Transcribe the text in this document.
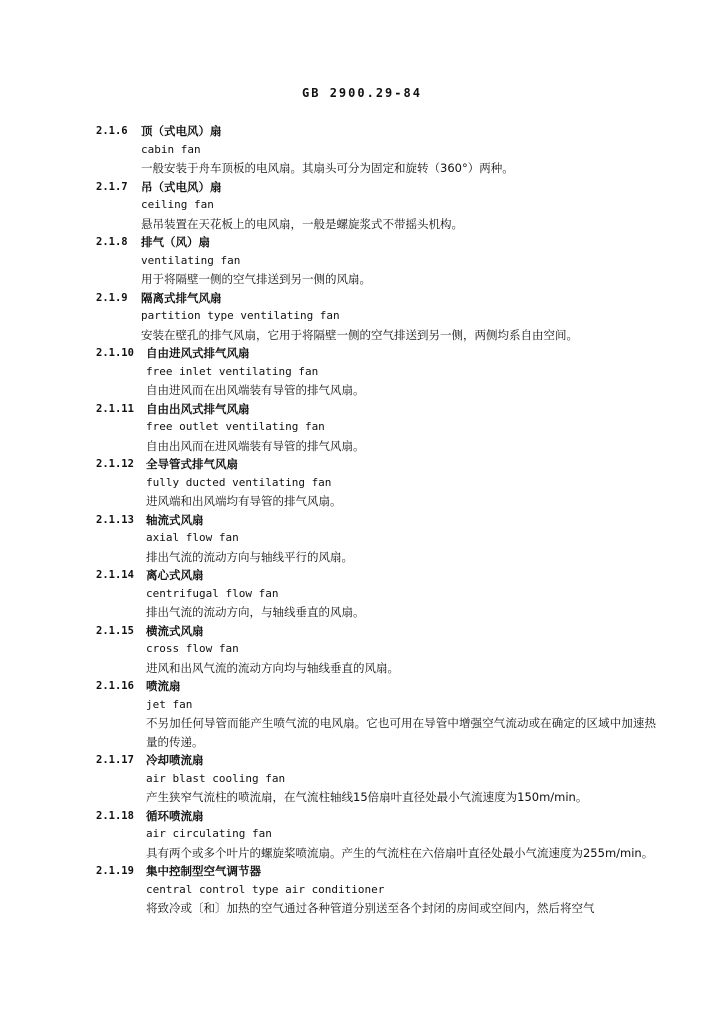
GB 2900.29-84
2.1.6 顶（式电风）扇
cabin fan
一般安装于舟车顶板的电风扇。其扇头可分为固定和旋转（360°）两种。
2.1.7 吊（式电风）扇
ceiling fan
悬吊装置在天花板上的电风扇，一般是螺旋浆式不带摇头机构。
2.1.8 排气（风）扇
ventilating fan
用于将隔壁一侧的空气排送到另一侧的风扇。
2.1.9 隔离式排气风扇
partition type ventilating fan
安装在壁孔的排气风扇，它用于将隔壁一侧的空气排送到另一侧，两侧均系自由空间。
2.1.10 自由进风式排气风扇
free inlet ventilating fan
自由进风而在出风端装有导管的排气风扇。
2.1.11 自由出风式排气风扇
free outlet ventilating fan
自由出风而在进风端装有导管的排气风扇。
2.1.12 全导管式排气风扇
fully ducted ventilating fan
进风端和出风端均有导管的排气风扇。
2.1.13 轴流式风扇
axial flow fan
排出气流的流动方向与轴线平行的风扇。
2.1.14 离心式风扇
centrifugal flow fan
排出气流的流动方向，与轴线垂直的风扇。
2.1.15 横流式风扇
cross flow fan
进风和出风气流的流动方向均与轴线垂直的风扇。
2.1.16 喷流扇
jet fan
不另加任何导管而能产生喷气流的电风扇。它也可用在导管中增强空气流动或在确定的区域中加速热量的传递。
2.1.17 冷却喷流扇
air blast cooling fan
产生狭窄气流柱的喷流扇，在气流柱轴线15倍扇叶直径处最小气流速度为150m/min。
2.1.18 循环喷流扇
air circulating fan
具有两个或多个叶片的螺旋桨喷流扇。产生的气流柱在六倍扇叶直径处最小气流速度为255m/min。
2.1.19 集中控制型空气调节器
central control type air conditioner
将致冷或〔和〕加热的空气通过各种管道分别送至各个封闭的房间或空间内，然后将空气
